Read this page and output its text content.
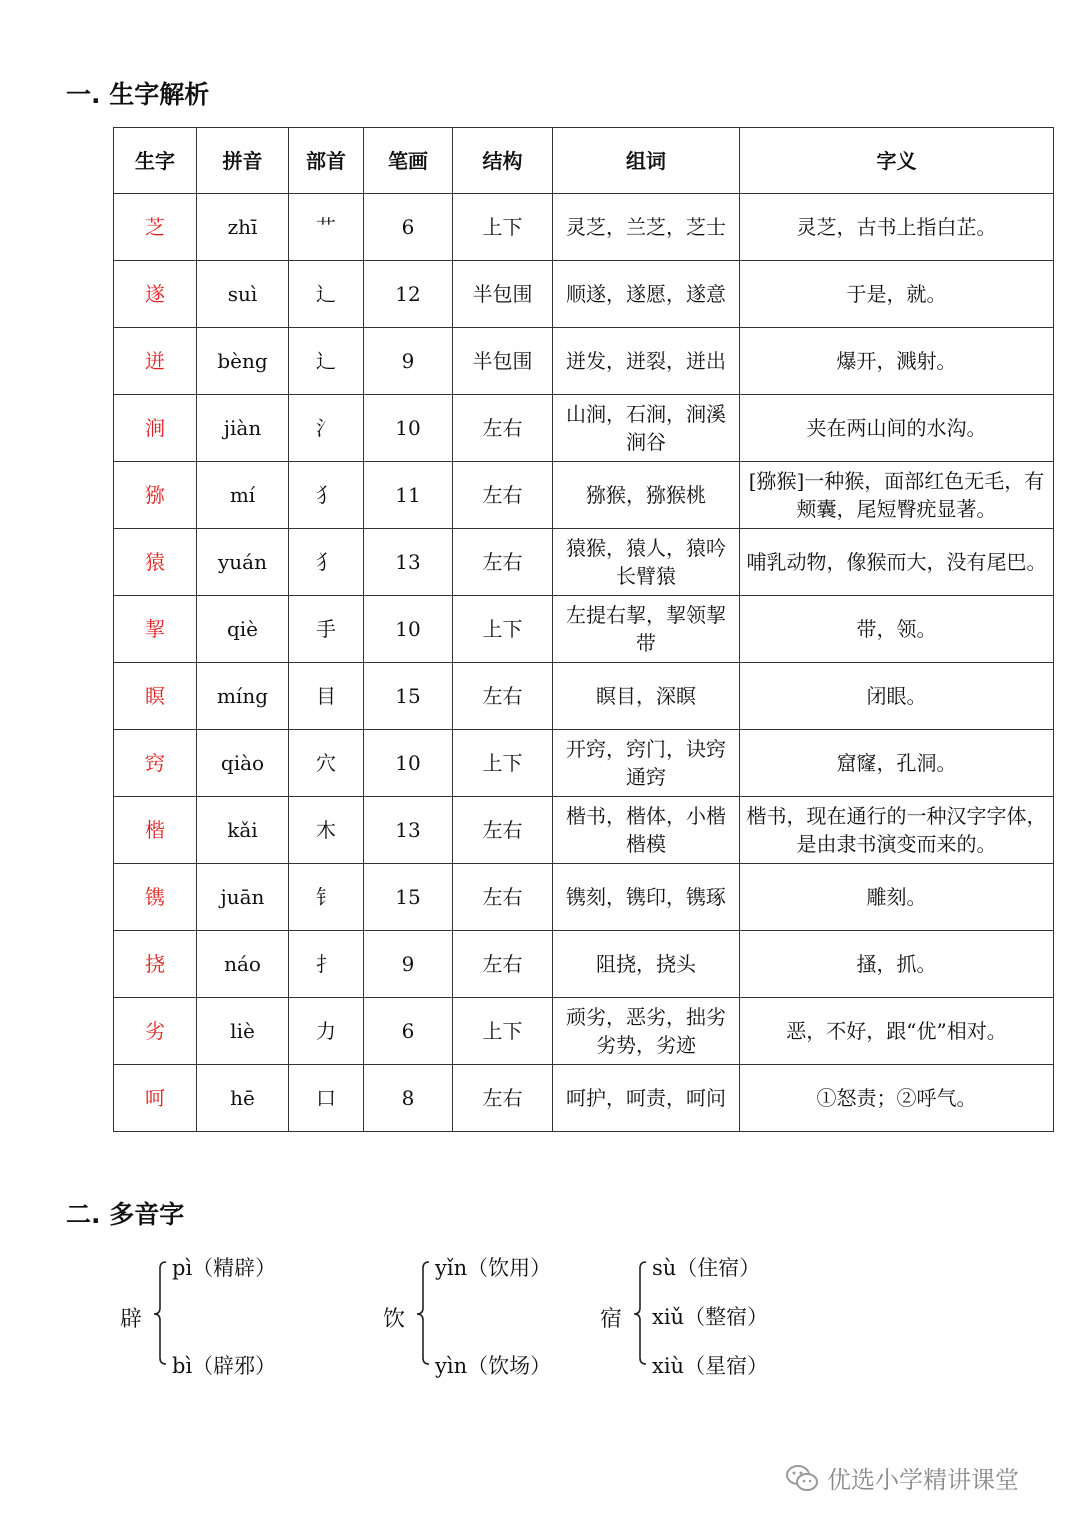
一. 生字解析
生字	拼音	部首	笔画	结构	组词	字义
芝	zhī	艹	6	上下	灵芝，兰芝，芝士	灵芝，古书上指白芷。
遂	suì	辶	12	半包围	顺遂，遂愿，遂意	于是，就。
迸	bèng	辶	9	半包围	迸发，迸裂，迸出	爆开，溅射。
涧	jiàn	氵	10	左右	山涧，石涧，涧溪涧谷	夹在两山间的水沟。
猕	mí	犭	11	左右	猕猴，猕猴桃	[猕猴]一种猴，面部红色无毛，有颊囊，尾短臀疣显著。
猿	yuán	犭	13	左右	猿猴，猿人，猿吟长臂猿	哺乳动物，像猴而大，没有尾巴。
挈	qiè	手	10	上下	左提右挈，挈领挈带	带，领。
瞑	míng	目	15	左右	瞑目，深瞑	闭眼。
窍	qiào	穴	10	上下	开窍，窍门，诀窍通窍	窟窿，孔洞。
楷	kǎi	木	13	左右	楷书，楷体，小楷楷模	楷书，现在通行的一种汉字字体，是由隶书演变而来的。
镌	juān	钅	15	左右	镌刻，镌印，镌琢	雕刻。
挠	náo	扌	9	左右	阻挠，挠头	搔，抓。
劣	liè	力	6	上下	顽劣，恶劣，拙劣劣势，劣迹	恶，不好，跟“优”相对。
呵	hē	口	8	左右	呵护，呵责，呵问	①怒责；②呼气。
二. 多音字
辟
pì（精辟）
bì（辟邪）
饮
yǐn（饮用）
yìn（饮场）
宿
sù（住宿）
xiǔ（整宿）
xiù（星宿）
优选小学精讲课堂
